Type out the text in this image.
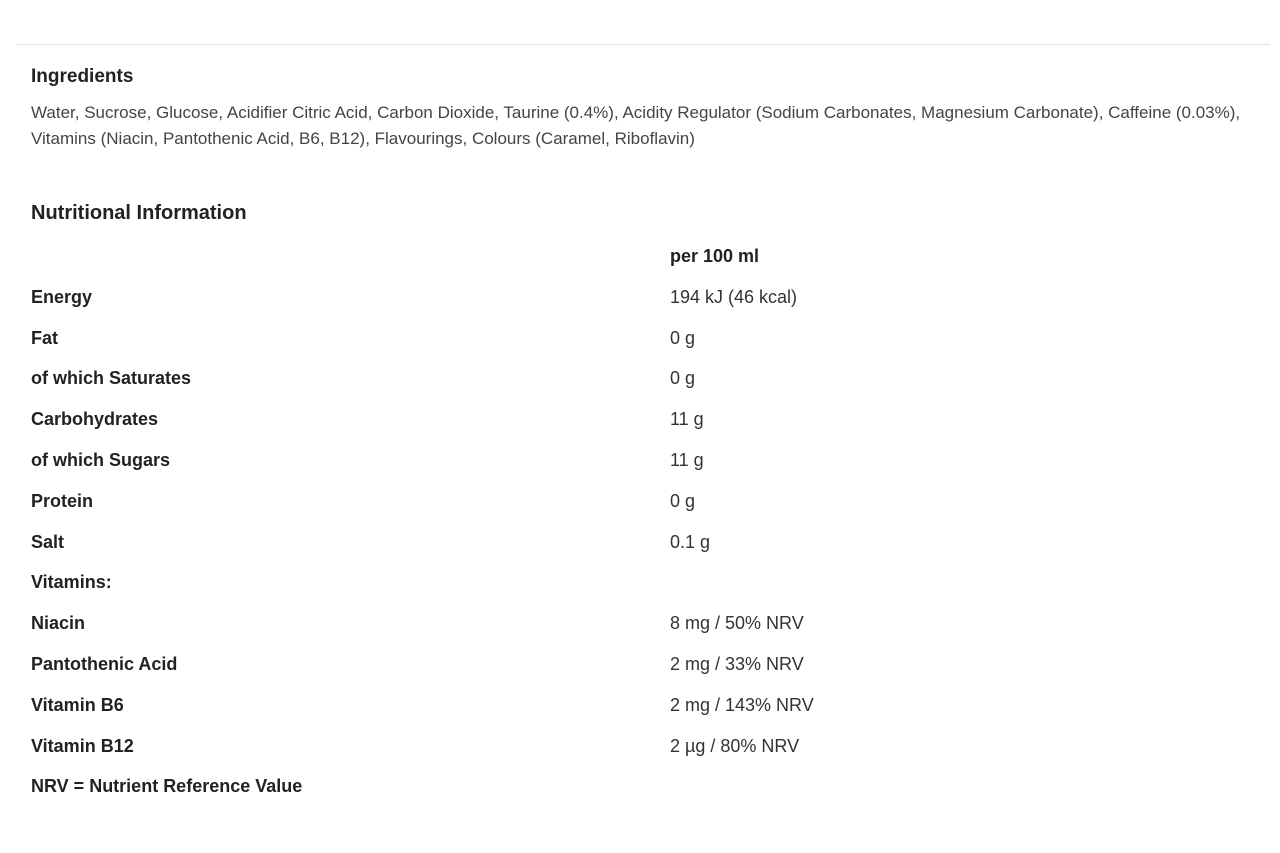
Ingredients

Water, Sucrose, Glucose, Acidifier Citric Acid, Carbon Dioxide, Taurine (0.4%), Acidity Regulator (Sodium Carbonates, Magnesium Carbonate), Caffeine (0.03%), Vitamins (Niacin, Pantothenic Acid, B6, B12), Flavourings, Colours (Caramel, Riboflavin)

Nutritional Information
per 100 ml
Energy	194 kJ (46 kcal)
Fat	0 g
of which Saturates	0 g
Carbohydrates	11 g
of which Sugars	11 g
Protein	0 g
Salt	0.1 g
Vitamins:
Niacin	8 mg / 50% NRV
Pantothenic Acid	2 mg / 33% NRV
Vitamin B6	2 mg / 143% NRV
Vitamin B12	2 µg / 80% NRV
NRV = Nutrient Reference Value
